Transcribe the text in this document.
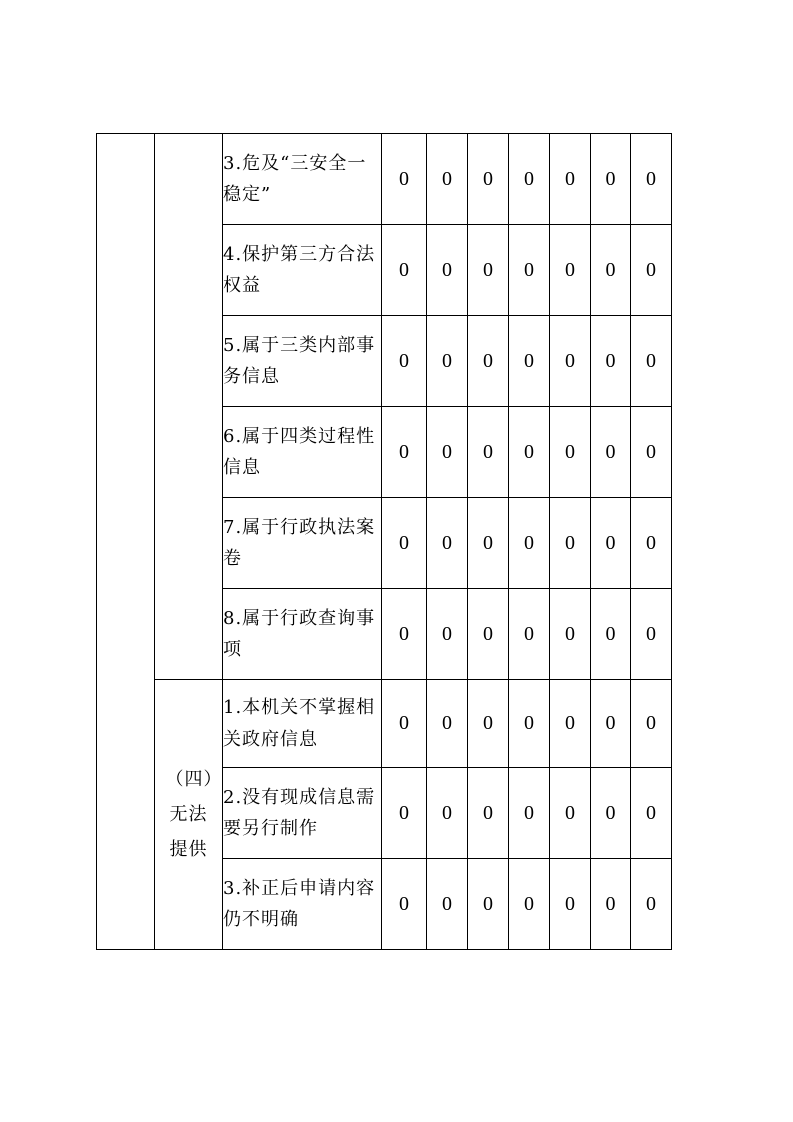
		3.危及“三安全一稳定”	0	0	0	0	0	0	0
		4.保护第三方合法权益	0	0	0	0	0	0	0
		5.属于三类内部事务信息	0	0	0	0	0	0	0
		6.属于四类过程性信息	0	0	0	0	0	0	0
		7.属于行政执法案卷	0	0	0	0	0	0	0
		8.属于行政查询事项	0	0	0	0	0	0	0
	（四）无法提供	1.本机关不掌握相关政府信息	0	0	0	0	0	0	0
		2.没有现成信息需要另行制作	0	0	0	0	0	0	0
		3.补正后申请内容仍不明确	0	0	0	0	0	0	0
